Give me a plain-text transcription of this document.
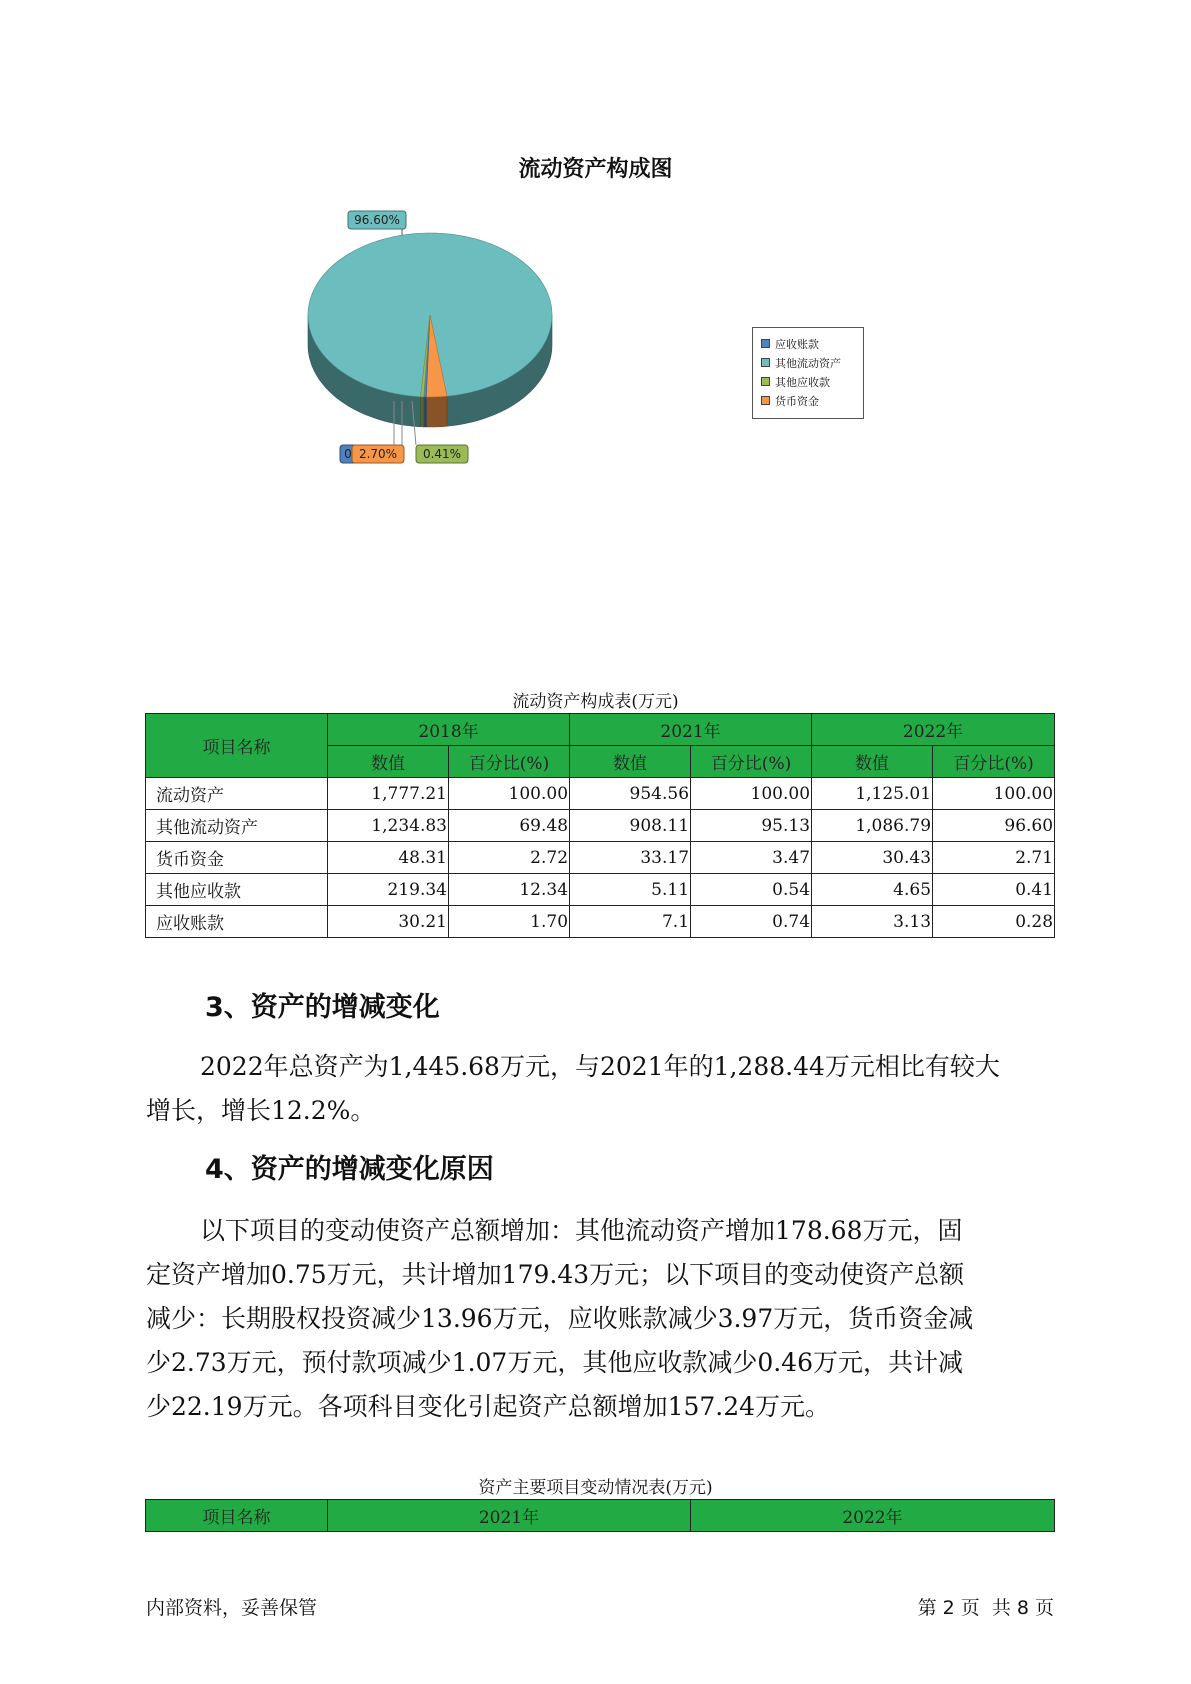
流动资产构成图
96.60%
0 2.70% 0.41%
应收账款
其他流动资产
其他应收款
货币资金
流动资产构成表(万元)
项目名称	2018年		2021年		2022年	
	数值	百分比(%)	数值	百分比(%)	数值	百分比(%)
流动资产	1,777.21	100.00	954.56	100.00	1,125.01	100.00
其他流动资产	1,234.83	69.48	908.11	95.13	1,086.79	96.60
货币资金	48.31	2.72	33.17	3.47	30.43	2.71
其他应收款	219.34	12.34	5.11	0.54	4.65	0.41
应收账款	30.21	1.70	7.1	0.74	3.13	0.28
3、资产的增减变化
2022年总资产为1,445.68万元，与2021年的1,288.44万元相比有较大
增长，增长12.2%。
4、资产的增减变化原因
以下项目的变动使资产总额增加：其他流动资产增加178.68万元，固
定资产增加0.75万元，共计增加179.43万元；以下项目的变动使资产总额
减少：长期股权投资减少13.96万元，应收账款减少3.97万元，货币资金减
少2.73万元，预付款项减少1.07万元，其他应收款减少0.46万元，共计减
少22.19万元。各项科目变化引起资产总额增加157.24万元。
资产主要项目变动情况表(万元)
项目名称	2021年	2022年
内部资料，妥善保管	第 2 页  共 8 页
